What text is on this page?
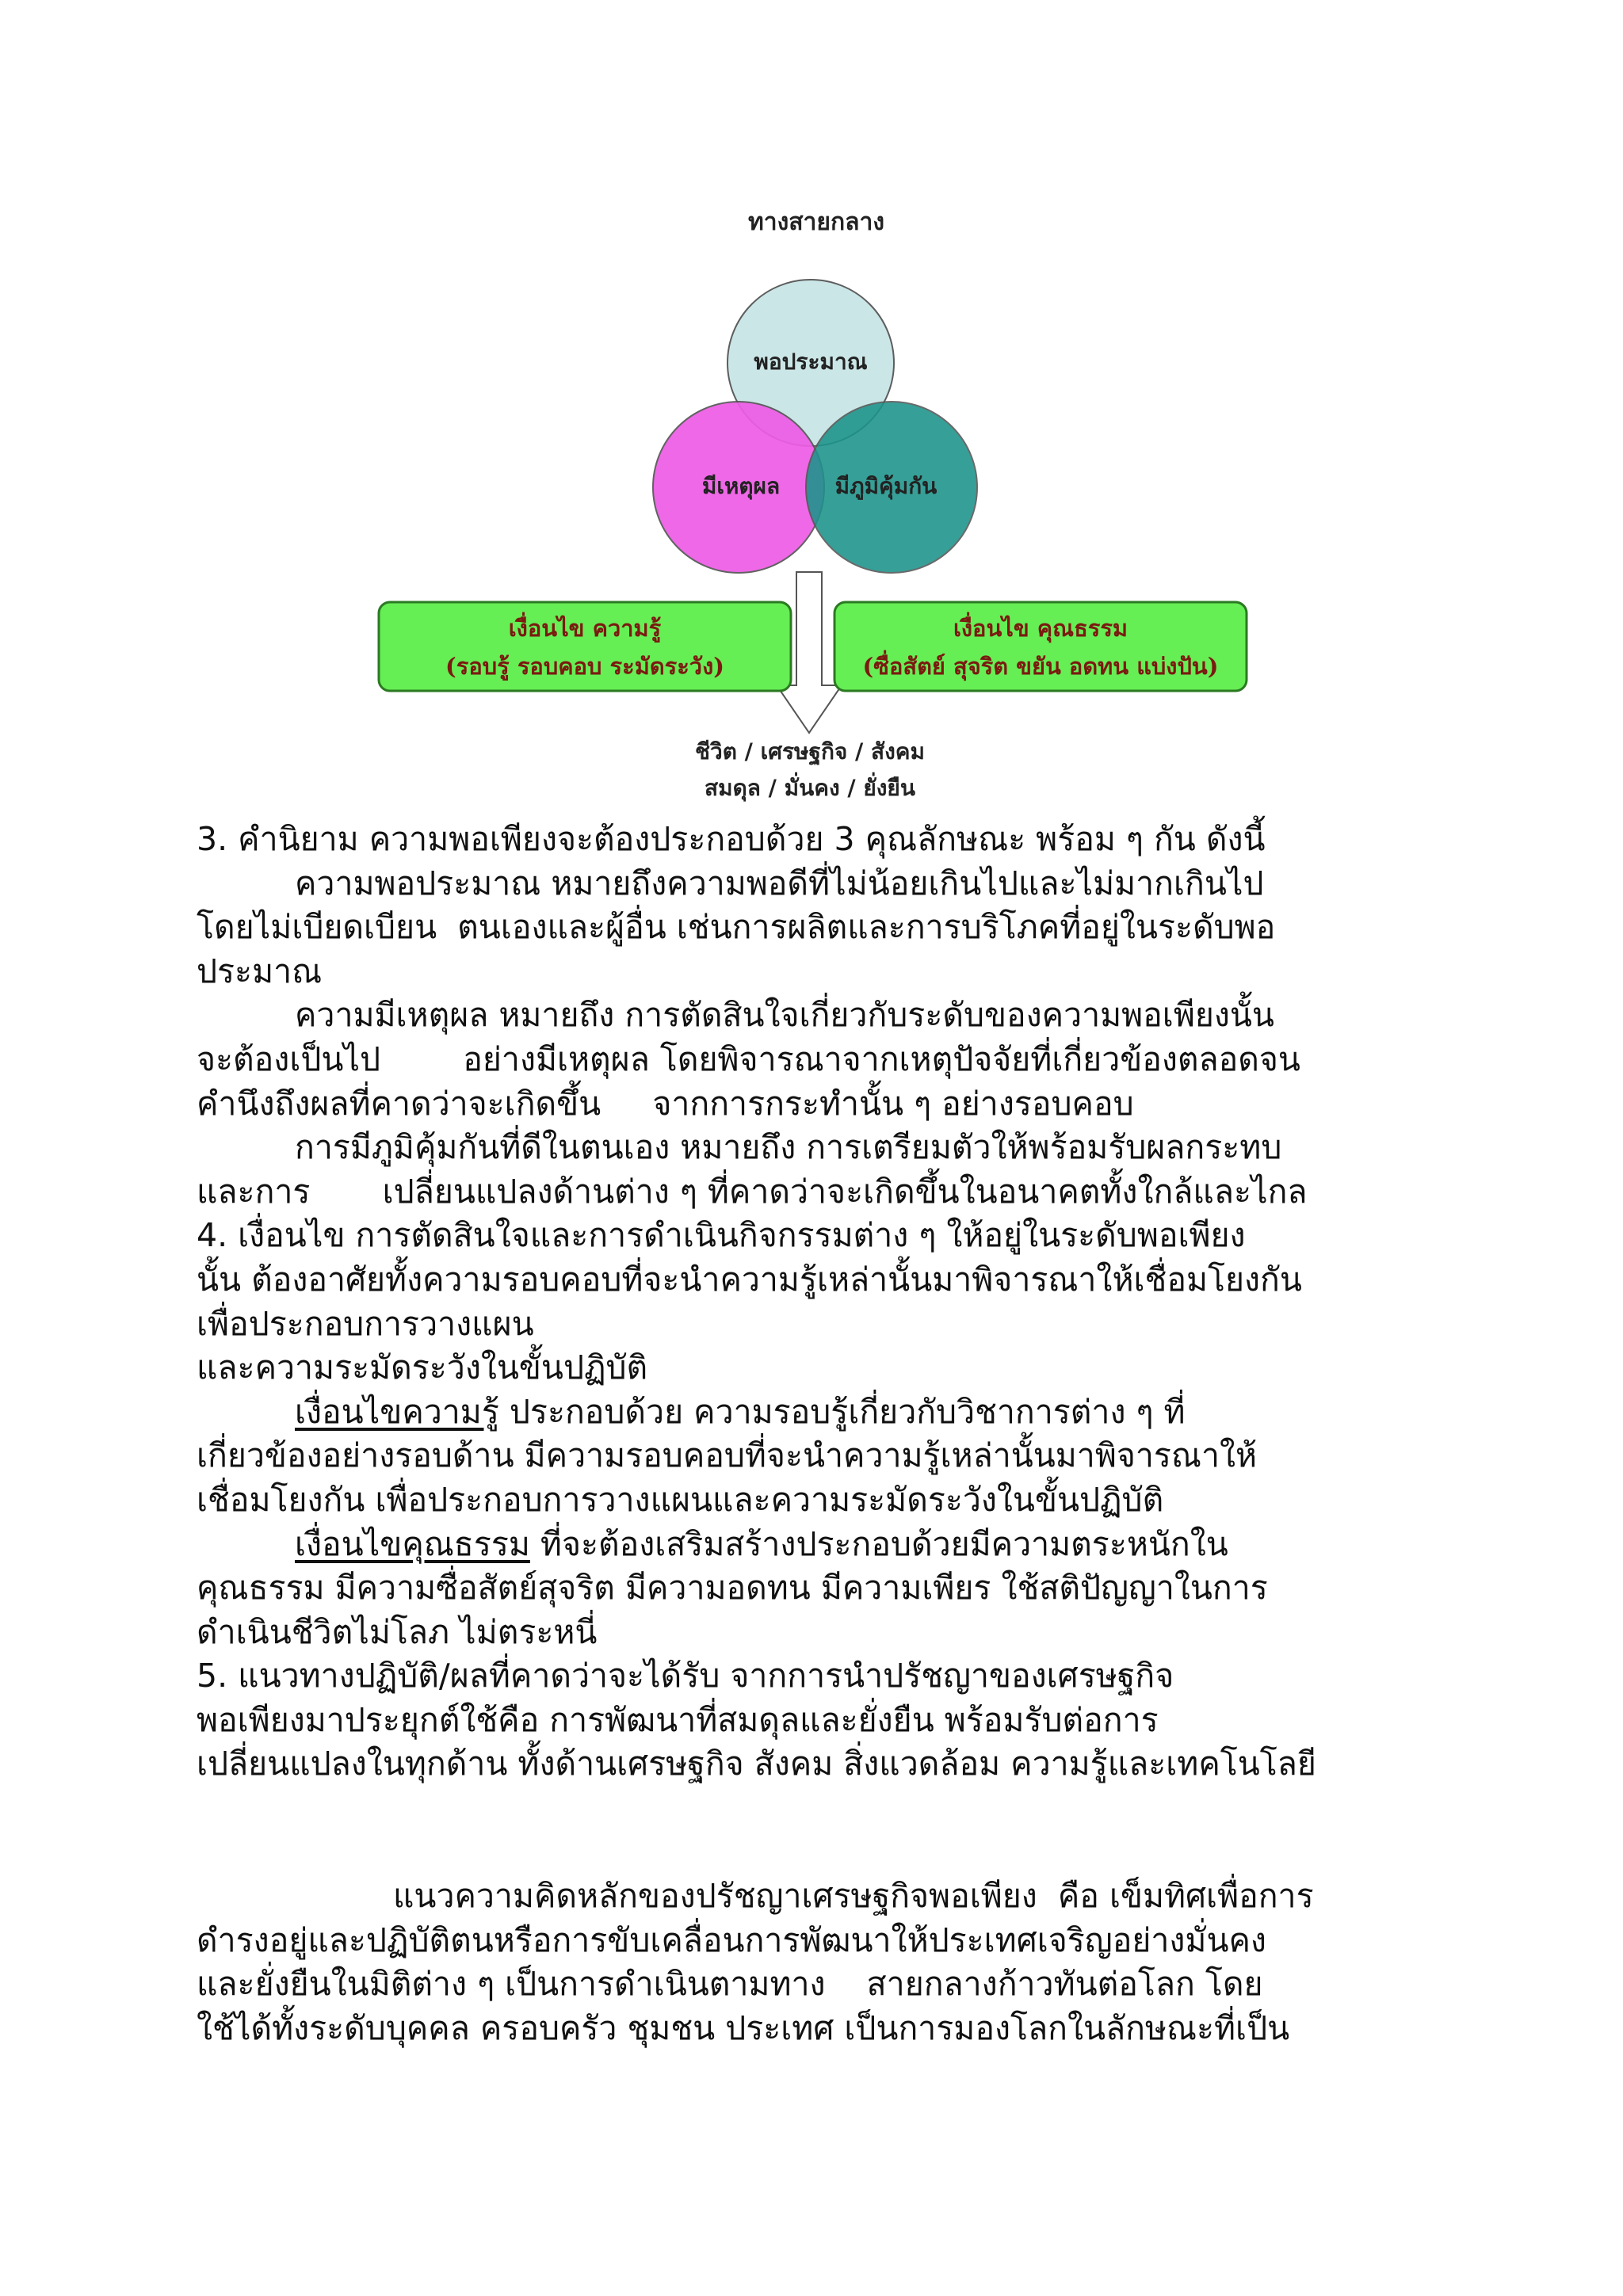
ทางสายกลาง
พอประมาณ
มีเหตุผล มีภูมิคุ้มกัน
เงื่อนไข ความรู้
(รอบรู้ รอบคอบ ระมัดระวัง)
เงื่อนไข คุณธรรม
(ซื่อสัตย์ สุจริต ขยัน อดทน แบ่งปัน)
ชีวิต / เศรษฐกิจ / สังคม
สมดุล / มั่นคง / ยั่งยืน
3. คำนิยาม ความพอเพียงจะต้องประกอบด้วย 3 คุณลักษณะ พร้อม ๆ กัน ดังนี้
ความพอประมาณ หมายถึงความพอดีที่ไม่น้อยเกินไปและไม่มากเกินไป
โดยไม่เบียดเบียน  ตนเองและผู้อื่น เช่นการผลิตและการบริโภคที่อยู่ในระดับพอ
ประมาณ
ความมีเหตุผล หมายถึง การตัดสินใจเกี่ยวกับระดับของความพอเพียงนั้น
จะต้องเป็นไป        อย่างมีเหตุผล โดยพิจารณาจากเหตุปัจจัยที่เกี่ยวข้องตลอดจน
คำนึงถึงผลที่คาดว่าจะเกิดขึ้น     จากการกระทำนั้น ๆ อย่างรอบคอบ
การมีภูมิคุ้มกันที่ดีในตนเอง หมายถึง การเตรียมตัวให้พร้อมรับผลกระทบ
และการ       เปลี่ยนแปลงด้านต่าง ๆ ที่คาดว่าจะเกิดขึ้นในอนาคตทั้งใกล้และไกล
4. เงื่อนไข การตัดสินใจและการดำเนินกิจกรรมต่าง ๆ ให้อยู่ในระดับพอเพียง
นั้น ต้องอาศัยทั้งความรอบคอบที่จะนำความรู้เหล่านั้นมาพิจารณาให้เชื่อมโยงกัน
เพื่อประกอบการวางแผน
และความระมัดระวังในขั้นปฏิบัติ
เงื่อนไขความรู้ ประกอบด้วย ความรอบรู้เกี่ยวกับวิชาการต่าง ๆ ที่
เกี่ยวข้องอย่างรอบด้าน มีความรอบคอบที่จะนำความรู้เหล่านั้นมาพิจารณาให้
เชื่อมโยงกัน เพื่อประกอบการวางแผนและความระมัดระวังในขั้นปฏิบัติ
เงื่อนไขคุณธรรม ที่จะต้องเสริมสร้างประกอบด้วยมีความตระหนักใน
คุณธรรม มีความซื่อสัตย์สุจริต มีความอดทน มีความเพียร ใช้สติปัญญาในการ
ดำเนินชีวิตไม่โลภ ไม่ตระหนี่
5. แนวทางปฏิบัติ/ผลที่คาดว่าจะได้รับ จากการนำปรัชญาของเศรษฐกิจ
พอเพียงมาประยุกต์ใช้คือ การพัฒนาที่สมดุลและยั่งยืน พร้อมรับต่อการ
เปลี่ยนแปลงในทุกด้าน ทั้งด้านเศรษฐกิจ สังคม สิ่งแวดล้อม ความรู้และเทคโนโลยี
แนวความคิดหลักของปรัชญาเศรษฐกิจพอเพียง  คือ เข็มทิศเพื่อการ
ดำรงอยู่และปฏิบัติตนหรือการขับเคลื่อนการพัฒนาให้ประเทศเจริญอย่างมั่นคง
และยั่งยืนในมิติต่าง ๆ เป็นการดำเนินตามทาง    สายกลางก้าวทันต่อโลก โดย
ใช้ได้ทั้งระดับบุคคล ครอบครัว ชุมชน ประเทศ เป็นการมองโลกในลักษณะที่เป็น
